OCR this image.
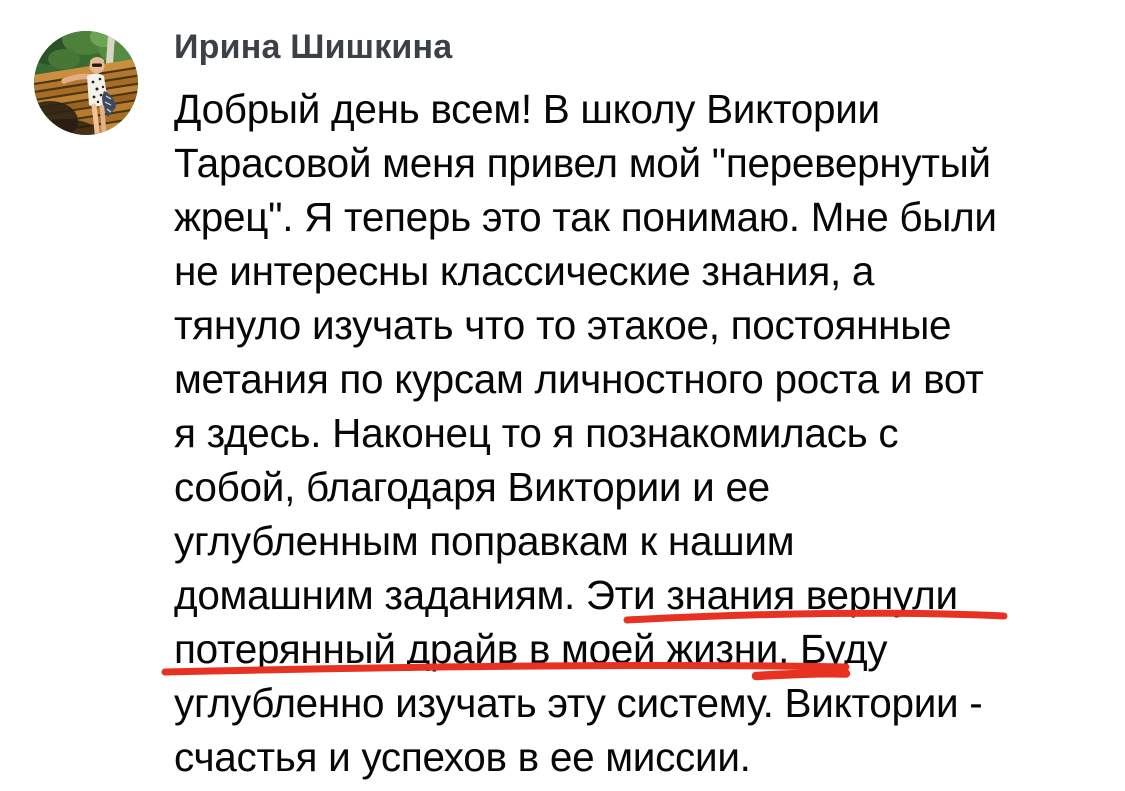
Ирина Шишкина
Добрый день всем! В школу Виктории
Тарасовой меня привел мой "перевернутый
жрец". Я теперь это так понимаю. Мне были
не интересны классические знания, а
тянуло изучать что то этакое, постоянные
метания по курсам личностного роста и вот
я здесь. Наконец то я познакомилась с
собой, благодаря Виктории и ее
углубленным поправкам к нашим
домашним заданиям. Эти знания вернули
потерянный драйв в моей жизни. Буду
углубленно изучать эту систему. Виктории -
счастья и успехов в ее миссии.
